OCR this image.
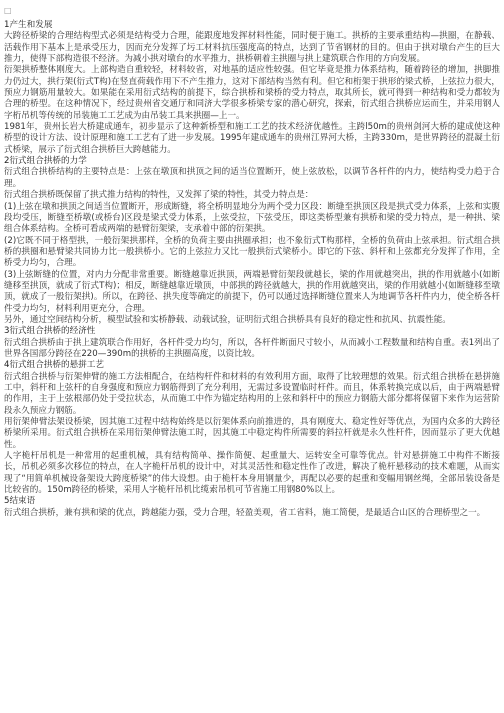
□

1产生和发展

大跨径桥梁的合理结构型式必须是结构受力合理，能跟度地发挥材料性能，同时便于施工。拱桥的主要承重结构—拱圈，在静载、活载作用下基本上是承受压力，因而充分发挥了圬工材料抗压强度高的特点，达到了节省钢材的目的。但由于拱对墩台产生的巨大推力，使得下部构造很不经济。为减小拱对墩台的水平推力，拱桥朝着主拱圈与拱上建筑联合作用的方向发展。

衍架拱桥整体刚度大。上部构造自重较轻，材料较省，对地基的适应性较强。但它毕竟是推力体系结构，随着跨径的增加，拱脚推力仍过大，拱行架(衍式T构)在竖直荷载作用下不产生推力，这对下部结构当然有利。但它和桁架于拱形的梁式桥，上弦拉力很大，预应力钢筋用量较大。如果能在采用衍式结构的前提下，综合拱桥和梁桥的受力特点，取其所长，就可得到一种结构和受力都较为合理的桥型。在这种情况下，经过贵州省交通厅和同济大学很多桥梁专家的潜心研究，探索，衍式组合拱桥应运而生，并采用钢人字桁吊机等传统的吊装施工工艺成为由吊装工具来拱圈—上一。

1981年，贵州长岩大桥建成通车，初步显示了这种新桥型和施工工艺的技术经济优越性。主跨l50m的贵州剑河大桥的建成使这种桥型的设计方法、设计原理和施工工艺有了进一步发展。1995年建成通车的贵州江界河大桥，主跨330m，是世界跨径的混凝土衍式桥梁，展示了衍式组合拱桥巨大跨越能力。

2衍式组合拱桥的力学

衍式组合拱桥结构的主要特点是：上弦在墩顶和拱顶之间的适当位置断开，使上弦放松，以调节各杆件的内力，使结构受力趋于合理。

衍式组合拱桥既保留了拱式推力结构的特性，又发挥了梁的特性，其受力特点是：

(1)上弦在墩和拱顶之间适当位置断开，形成断缝，将全桥明显地分为两个受力区段：断缝至拱顶区段是拱式受力体系，上弦和实腹段均受压，断缝至桥墩(或桥台)区段是梁式受力体系，上弦受拉，下弦受压，即这类桥型兼有拱桥和梁的受力特点，是一种拱、梁组合体系结构。全桥可看成两端的悬臂衍架梁，支承着中部的衍架拱。

(2)它既不同于格型拱，一般衍架拱那样，全桥的负荷主要由拱圈承担；也不象衍式T构那样，全桥的负荷由上弦承担。衍式组合拱桥的拱圈和悬臂梁共同协力比一般拱桥小。它的上弦拉力又比一般拱衍式梁桥小。即它的下弦、斜杆和上弦都充分发挥了作用，全桥受力均匀，合理。

(3)上弦断缝的位置，对内力分配非常重要。断缝越靠近拱顶，两端悬臂衍架段就越长，梁的作用就越突出，拱的作用就越小(如断缝移至拱顶，就成了衍式T构)；相反，断缝越靠近墩顶，中部拱的跨径就越大，拱的作用就越突出，梁的作用就越小(如断缝移至墩顶，就成了一般衍架拱)。所以，在跨径、拱失度等确定的前提下，仍可以通过选择断缝位置来人为地调节各杆件内力，使全桥各杆件受力均匀，材料利用更充分，合理。

另外，通过空间结构分析，模型试验和实桥静载、动载试验，证明衍式组合拱桥具有良好的稳定性和抗风、抗震性能。

3衍式组合拱桥的经济性

衍式组合拱桥由于拱上建筑联合作用好，各杆件受力均匀，所以，各杆件断面尺寸较小，从而减小工程数量和结构自重。表1列出了世界各国部分跨径在220—390m的拱桥的主拱圈高度，以资比较。

4衍式组合拱桥的悬拼工艺

衍式组合拱桥与衍架伸臂的施工方法相配合，在结构杆件和材料的有效利用方面，取得了比较理想的效果。衍式组合拱桥在悬拼施工中，斜杆和上弦杆的自身强度和预应力钢筋得到了充分利用，无需过多设置临时杆件。而且，体系转换完成以后，由于两端悬臂的作用，主于上弦根部仍处于受拉状态，从而施工中作为锚定结构用的上弦和斜杆中的预应力钢筋大部分都将保留下来作为运营阶段永久预应力钢筋。

用衍架伸臂法架设桥梁，因其施工过程中结构始终是以衍架体系向前推进的，具有刚度大、稳定性好等优点，为国内众多的大跨径桥梁所采用。衍式组合拱桥在采用衍架伸臂法施工时，因其施工中稳定构件所需要的斜拉杆就是永久性杆件，因而显示了更大优越性。

人字桅杆吊机是一种常用的起重机械，具有结构简单、操作简便、起重量大、运转安全可靠等优点。针对悬拼施工中构件不断接长，吊机必须多次移位的特点，在人字桅杆吊机的设计中，对其灵活性和稳定性作了改进，解决了桅杆悬移动的技术难题，从而实现了“用简单机械设备架设大跨度桥梁”的伟大设想。由于桅杆本身用钢量少，再配以必要的起重和变幅用钢丝绳，全部吊装设备是比较省的。150m跨径的桥梁，采用人字桅杆吊机比缆索吊机可节省施工用钢80%以上。

5结束语

衍式组合拱桥，兼有拱和梁的优点，跨越能力强，受力合理，轻盈美观，省工省料，施工简便，是最适合山区的合理桥型之一。
